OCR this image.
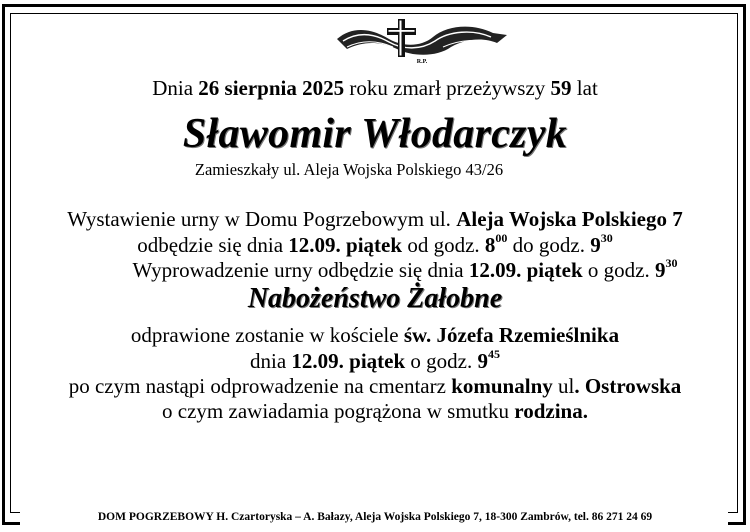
R.P.
Dnia 26 sierpnia 2025 roku zmarł przeżywszy 59 lat
Sławomir Włodarczyk
Zamieszkały ul. Aleja Wojska Polskiego 43/26
Wystawienie urny w Domu Pogrzebowym ul. Aleja Wojska Polskiego 7
odbędzie się dnia 12.09. piątek od godz. $8^{00}$ do godz. $9^{30}$
Wyprowadzenie urny odbędzie się dnia 12.09. piątek o godz. $9^{30}$
Nabożeństwo Żałobne
odprawione zostanie w kościele św. Józefa Rzemieślnika
dnia 12.09. piątek o godz. $9^{45}$
po czym nastąpi odprowadzenie na cmentarz komunalny ul. Ostrowska
o czym zawiadamia pogrążona w smutku rodzina.
DOM POGRZEBOWY H. Czartoryska – A. Bałazy, Aleja Wojska Polskiego 7, 18-300 Zambrów, tel. 86 271 24 69
